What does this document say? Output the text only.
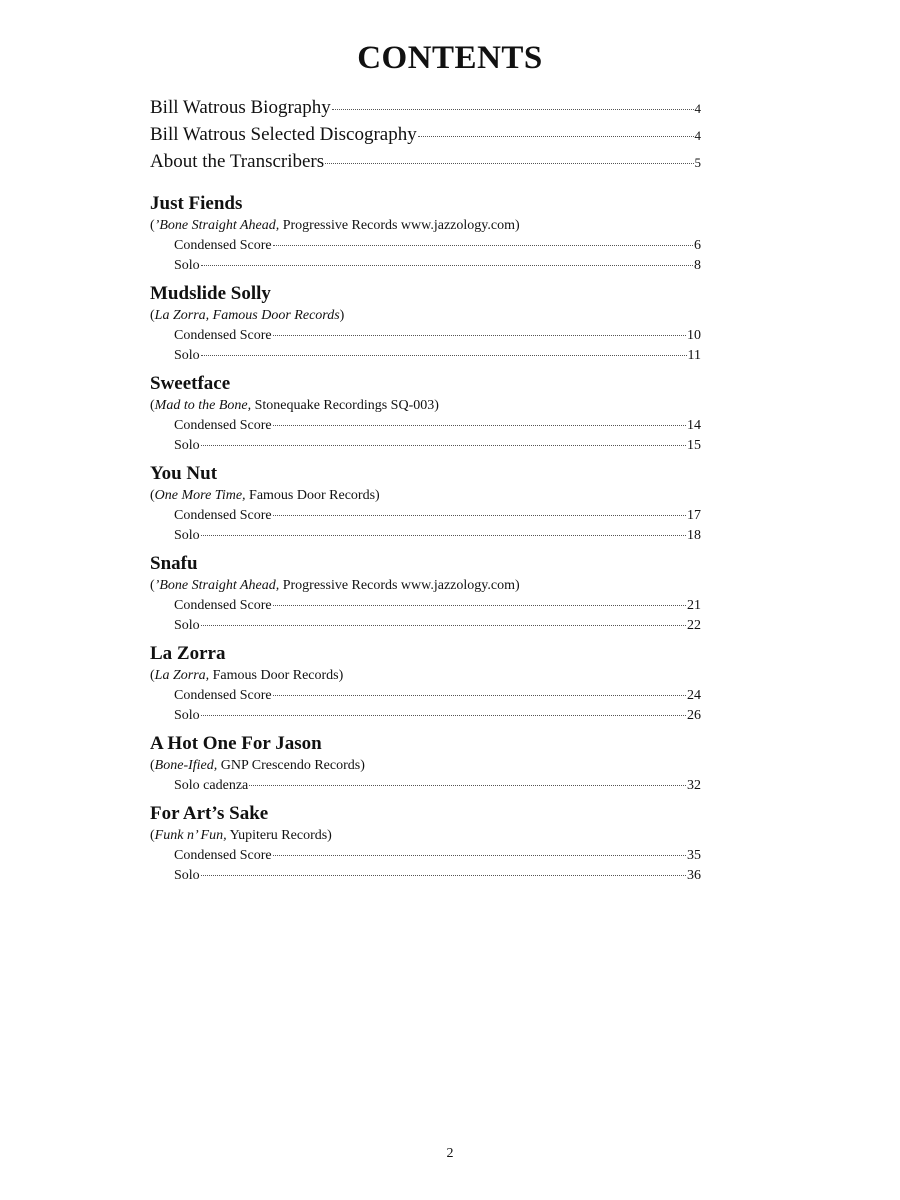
CONTENTS
Bill Watrous Biography	4
Bill Watrous Selected Discography	4
About the Transcribers	5
Just Fiends
(’Bone Straight Ahead, Progressive Records www.jazzology.com)
Condensed Score	6
Solo	8
Mudslide Solly
(La Zorra, Famous Door Records)
Condensed Score	10
Solo	11
Sweetface
(Mad to the Bone, Stonequake Recordings SQ-003)
Condensed Score	14
Solo	15
You Nut
(One More Time, Famous Door Records)
Condensed Score	17
Solo	18
Snafu
(’Bone Straight Ahead, Progressive Records www.jazzology.com)
Condensed Score	21
Solo	22
La Zorra
(La Zorra, Famous Door Records)
Condensed Score	24
Solo	26
A Hot One For Jason
(Bone-Ified, GNP Crescendo Records)
Solo cadenza	32
For Art’s Sake
(Funk n’ Fun, Yupiteru Records)
Condensed Score	35
Solo	36
2
